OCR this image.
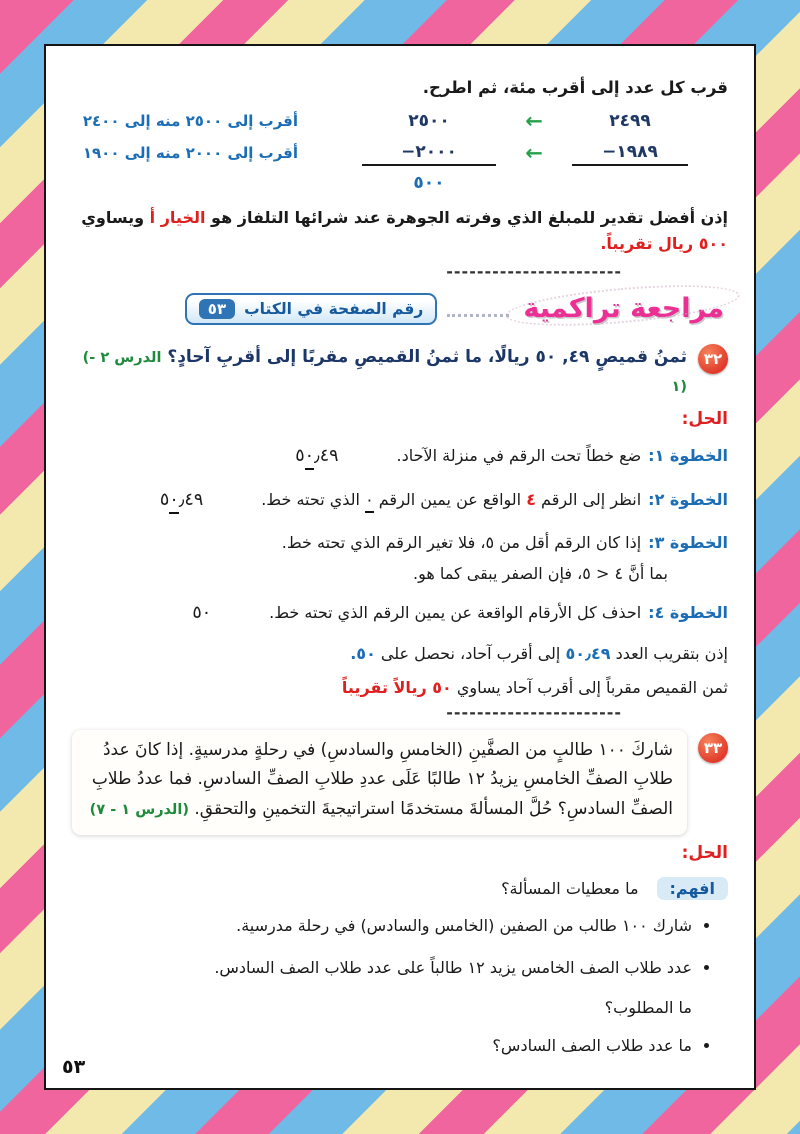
قرب كل عدد إلى أقرب مئة، ثم اطرح.

٢٤٩٩
←
٢٥٠٠
أقرب إلى ٢٥٠٠ منه إلى ٢٤٠٠
−١٩٨٩
←
−٢٠٠٠
أقرب إلى ٢٠٠٠ منه إلى ١٩٠٠
٥٠٠

إذن أفضل تقدير للمبلغ الذي وفرته الجوهرة عند شرائها التلفاز هو الخيار أ ويساوي ٥٠٠ ريال تقريباً.

-----------------------
مراجعة تراكمية
رقم الصفحة في الكتاب
٥٣
٣٢

ثمنُ قميصٍ ٤٩, ٥٠ ريالًا، ما ثمنُ القميصِ مقربًا إلى أقربِ آحادٍ؟ (الدرس ٢ - ١)

الحل:

الخطوة ١:ضع خطاً تحت الرقم في منزلة الآحاد.
٥٠٫٤٩
الخطوة ٢:انظر إلى الرقم ٤ الواقع عن يمين الرقم ٠ الذي تحته خط.
٥٠٫٤٩
الخطوة ٣:إذا كان الرقم أقل من ٥، فلا تغير الرقم الذي تحته خط.

بما أنَّ ٤ < ٥، فإن الصفر يبقى كما هو.

الخطوة ٤:احذف كل الأرقام الواقعة عن يمين الرقم الذي تحته خط.
٥٠

إذن بتقريب العدد ٥٠٫٤٩ إلى أقرب آحاد، نحصل على ٥٠.

ثمن القميص مقرباً إلى أقرب آحاد يساوي ٥٠ ريالاً تقريباً

-----------------------
٣٣

شاركَ ١٠٠ طالبٍ من الصفَّينِ (الخامسِ والسادسِ) في رحلةٍ مدرسيةٍ. إذا كانَ عددُ طلابِ الصفِّ الخامسِ يزيدُ ١٢ طالبًا عَلَى عددِ طلابِ الصفِّ السادسِ. فما عددُ طلابِ الصفِّ السادسِ؟ حُلَّ المسألةَ مستخدمًا استراتيجيةَ التخمينِ والتحققِ. (الدرس ١ - ٧)

الحل:

افهم:
ما معطيات المسألة؟
• شارك ١٠٠ طالب من الصفين (الخامس والسادس) في رحلة مدرسية.
• عدد طلاب الصف الخامس يزيد ١٢ طالباً على عدد طلاب الصف السادس.

ما المطلوب؟

• ما عدد طلاب الصف السادس؟
٥٣
